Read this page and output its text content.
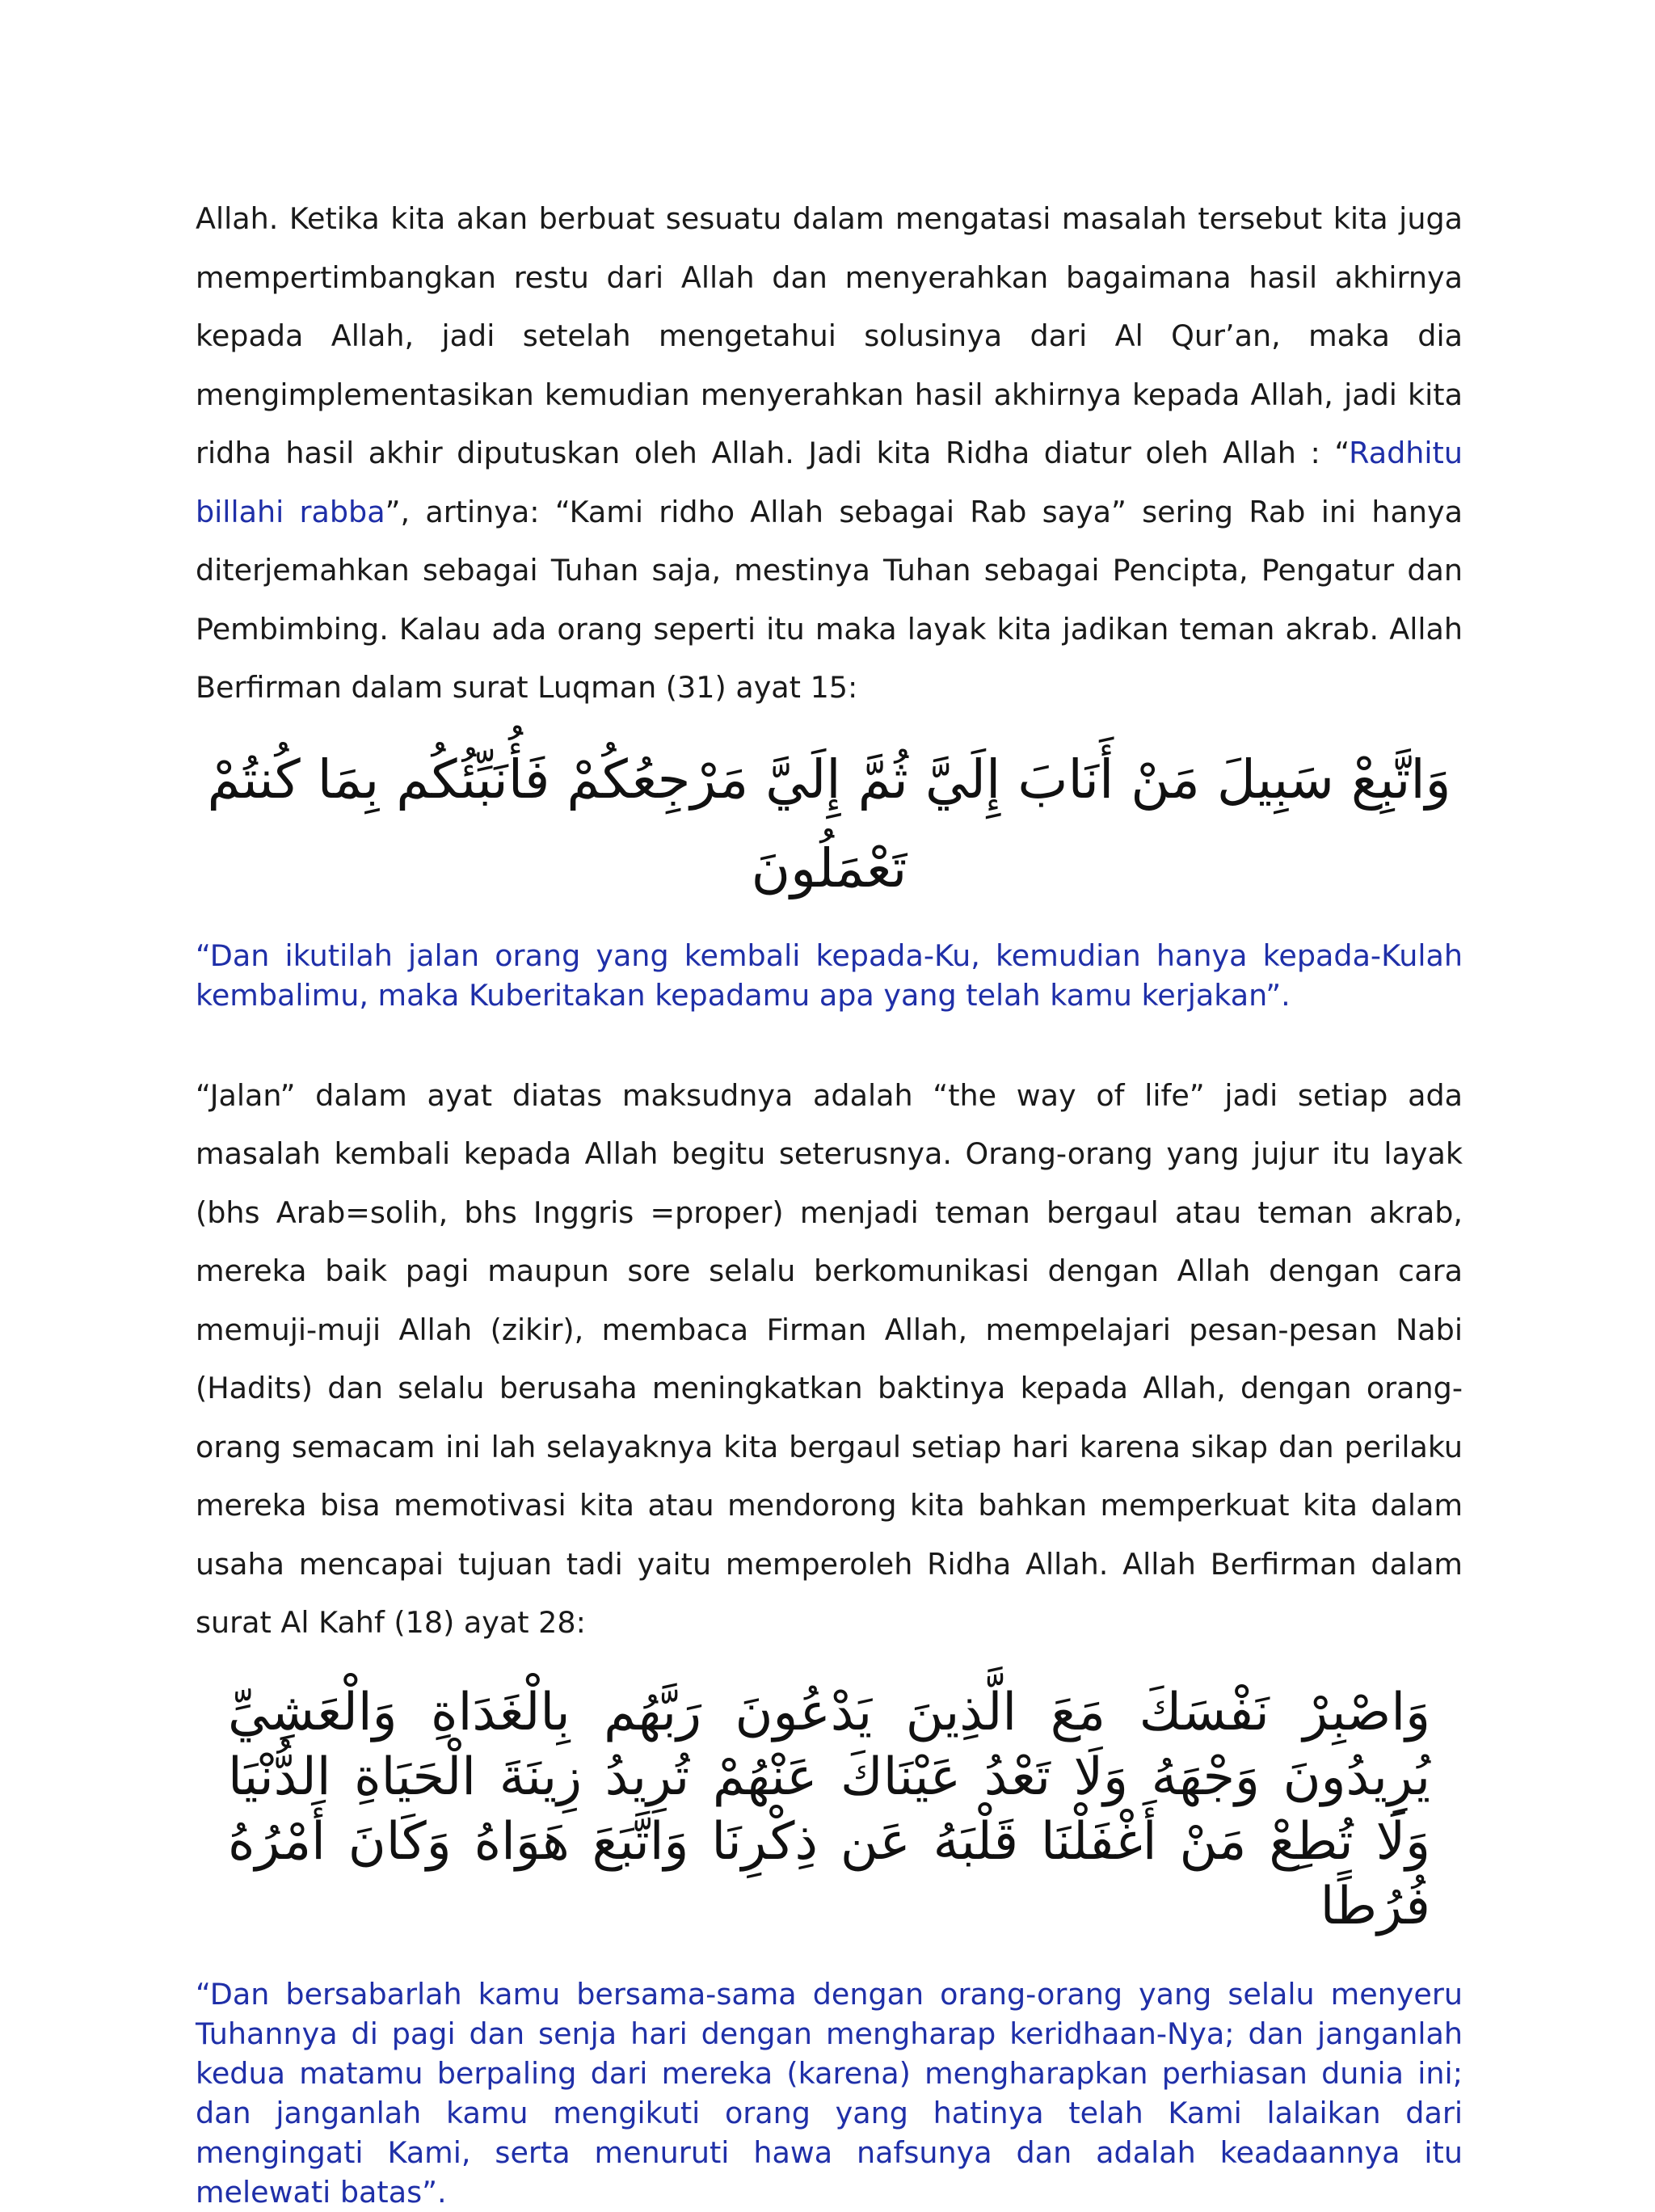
Allah. Ketika kita akan berbuat sesuatu dalam mengatasi masalah tersebut kita juga mempertimbangkan restu dari Allah dan menyerahkan bagaimana hasil akhirnya kepada Allah, jadi setelah mengetahui solusinya dari Al Qur’an, maka dia mengimplementasikan kemudian menyerahkan hasil akhirnya kepada Allah, jadi kita ridha hasil akhir diputuskan oleh Allah. Jadi kita Ridha diatur oleh Allah : “Radhitu billahi rabba”, artinya: “Kami ridho Allah sebagai Rab saya” sering Rab ini hanya diterjemahkan sebagai Tuhan saja, mestinya Tuhan sebagai Pencipta, Pengatur dan Pembimbing. Kalau ada orang seperti itu maka layak kita jadikan teman akrab. Allah Berfirman dalam surat Luqman (31) ayat 15:

وَاتَّبِعْ سَبِيلَ مَنْ أَنَابَ إِلَيَّ ثُمَّ إِلَيَّ مَرْجِعُكُمْ فَأُنَبِّئُكُم بِمَا كُنتُمْ تَعْمَلُونَ

“Dan ikutilah jalan orang yang kembali kepada-Ku, kemudian hanya kepada-Kulah kembalimu, maka Kuberitakan kepadamu apa yang telah kamu kerjakan”.

“Jalan” dalam ayat diatas maksudnya adalah “the way of life” jadi setiap ada masalah kembali kepada Allah begitu seterusnya. Orang-orang yang jujur itu layak (bhs Arab=solih, bhs Inggris =proper) menjadi teman bergaul atau teman akrab, mereka baik pagi maupun sore selalu berkomunikasi dengan Allah dengan cara memuji-muji Allah (zikir), membaca Firman Allah, mempelajari pesan-pesan Nabi (Hadits) dan selalu berusaha meningkatkan baktinya kepada Allah, dengan orang- orang semacam ini lah selayaknya kita bergaul setiap hari karena sikap dan perilaku mereka bisa memotivasi kita atau mendorong kita bahkan memperkuat kita dalam usaha mencapai tujuan tadi yaitu memperoleh Ridha Allah. Allah Berfirman dalam surat Al Kahf (18) ayat 28:

وَاصْبِرْ نَفْسَكَ مَعَ الَّذِينَ يَدْعُونَ رَبَّهُم بِالْغَدَاةِ وَالْعَشِيِّ يُرِيدُونَ وَجْهَهُ وَلَا تَعْدُ عَيْنَاكَ عَنْهُمْ تُرِيدُ زِينَةَ الْحَيَاةِ الدُّنْيَا وَلَا تُطِعْ مَنْ أَغْفَلْنَا قَلْبَهُ عَن ذِكْرِنَا وَاتَّبَعَ هَوَاهُ وَكَانَ أَمْرُهُ فُرُطًا

“Dan bersabarlah kamu bersama-sama dengan orang-orang yang selalu menyeru Tuhannya di pagi dan senja hari dengan mengharap keridhaan-Nya; dan janganlah kedua matamu berpaling dari mereka (karena) mengharapkan perhiasan dunia ini; dan janganlah kamu mengikuti orang yang hatinya telah Kami lalaikan dari mengingati Kami, serta menuruti hawa nafsunya dan adalah keadaannya itu melewati batas”.
